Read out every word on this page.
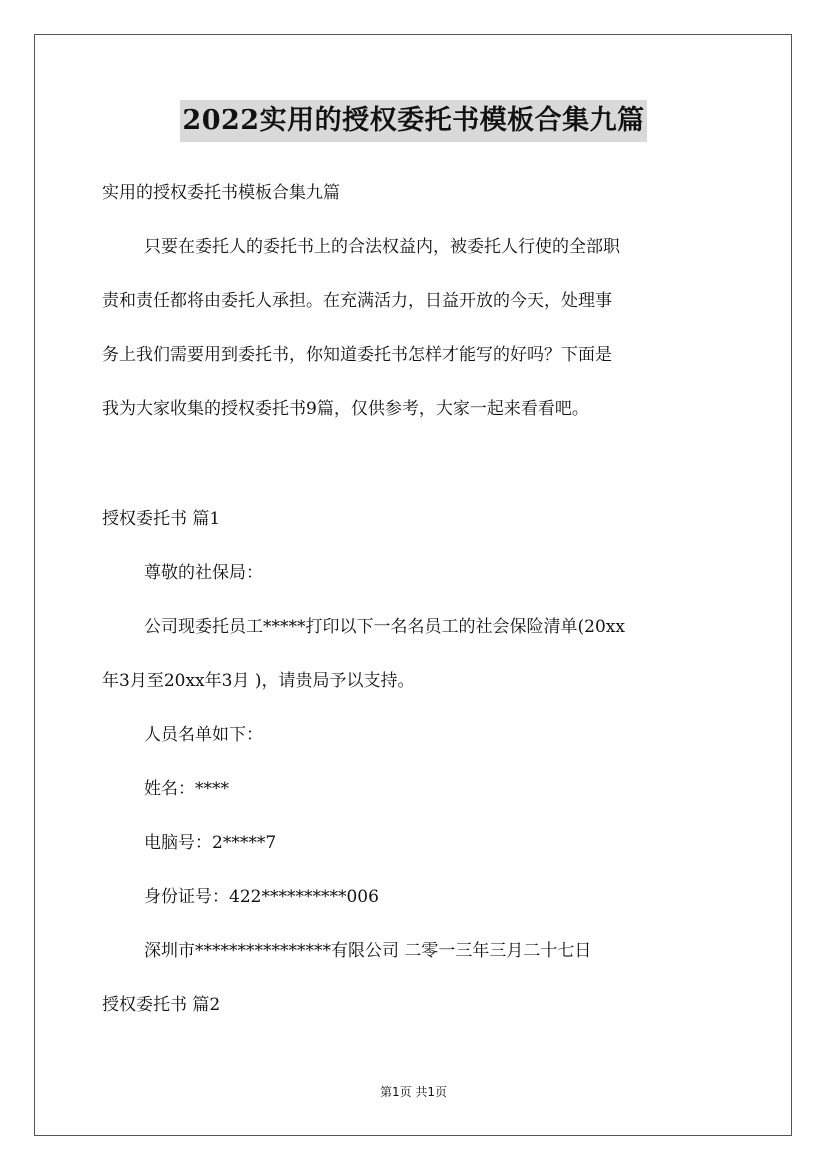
2022实用的授权委托书模板合集九篇
实用的授权委托书模板合集九篇
只要在委托人的委托书上的合法权益内，被委托人行使的全部职
责和责任都将由委托人承担。在充满活力，日益开放的今天，处理事
务上我们需要用到委托书，你知道委托书怎样才能写的好吗？下面是
我为大家收集的授权委托书9篇，仅供参考，大家一起来看看吧。
授权委托书 篇1
尊敬的社保局：
公司现委托员工*****打印以下一名名员工的社会保险清单(20xx
年3月至20xx年3月 )，请贵局予以支持。
人员名单如下：
姓名：****
电脑号：2*****7
身份证号：422**********006
深圳市****************有限公司 二零一三年三月二十七日
授权委托书 篇2
第1页 共1页
